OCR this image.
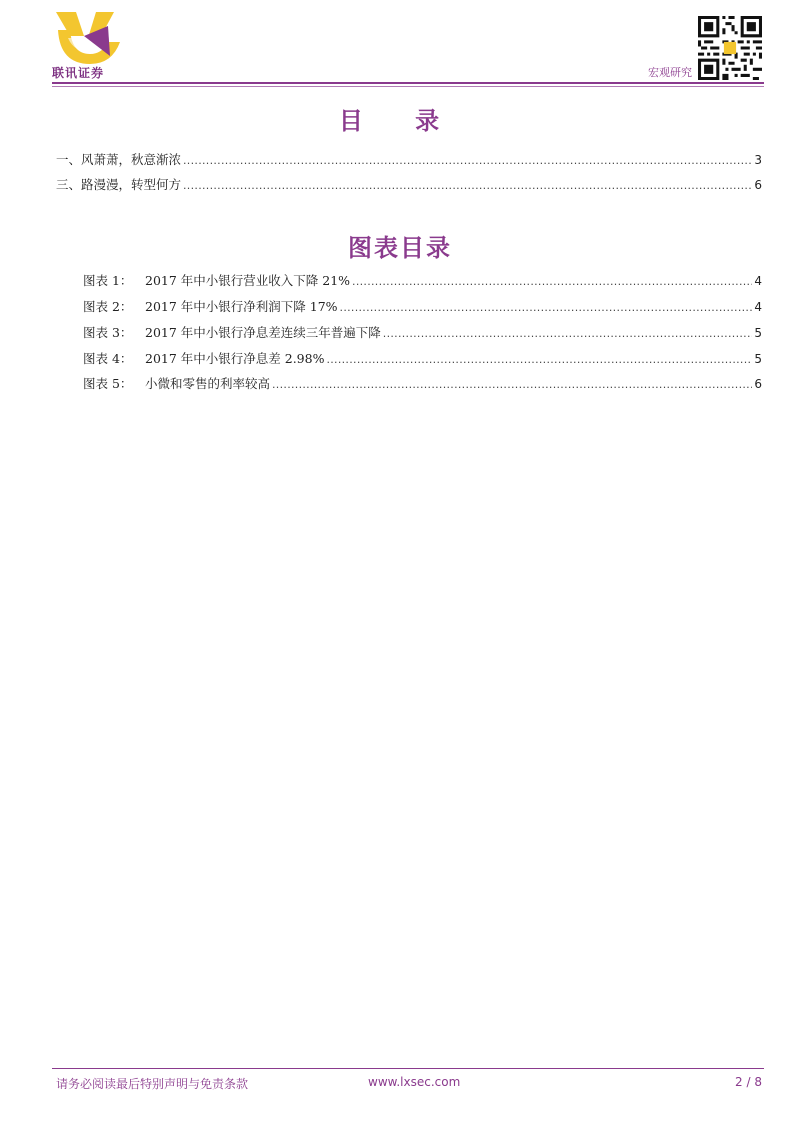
联讯证券	宏观研究
目 录
一、风萧萧，秋意渐浓 . . .	3
三、路漫漫，转型何方 . . .	6
图表目录
图表 1：	2017 年中小银行营业收入下降 21% . . .	4
图表 2：	2017 年中小银行净利润下降 17% . . .	4
图表 3：	2017 年中小银行净息差连续三年普遍下降 . . .	5
图表 4：	2017 年中小银行净息差 2.98% . . .	5
图表 5：	小微和零售的利率较高 . . .	6
请务必阅读最后特别声明与免责条款	www.lxsec.com	2 / 8
